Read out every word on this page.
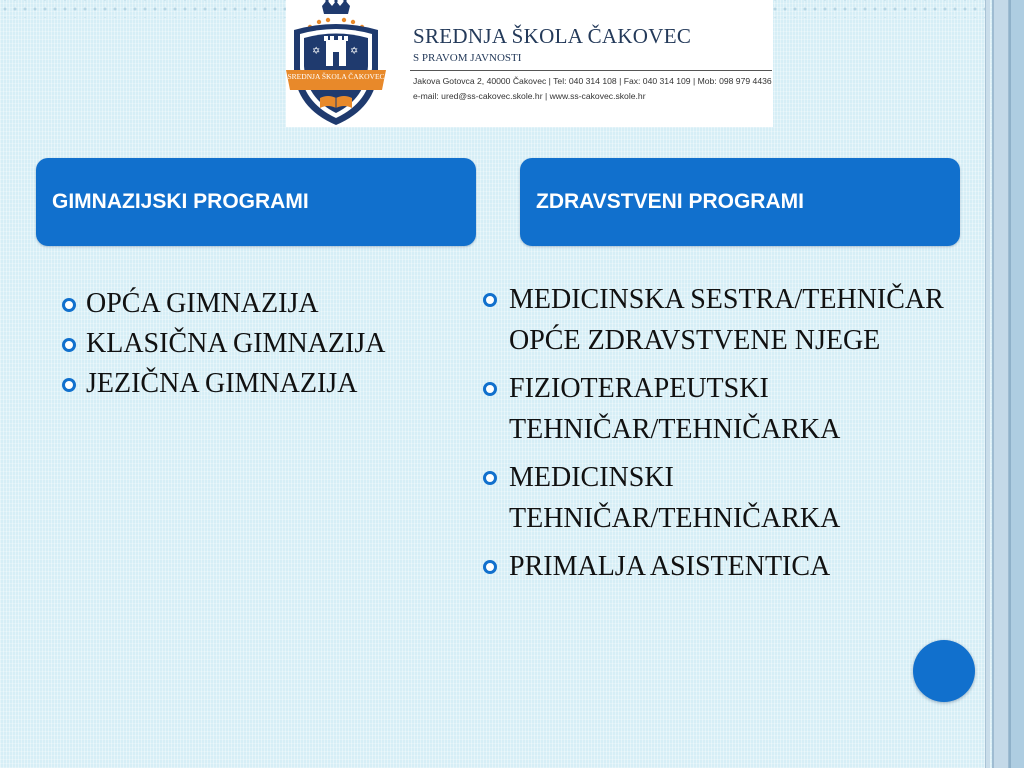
✡	✡
SREDNJA ŠKOLA ČAKOVEC
SREDNJA ŠKOLA ČAKOVEC
S PRAVOM JAVNOSTI
Jakova Gotovca 2, 40000 Čakovec | Tel: 040 314 108 | Fax: 040 314 109 | Mob: 098 979 4436
e-mail: ured@ss-cakovec.skole.hr | www.ss-cakovec.skole.hr
GIMNAZIJSKI PROGRAMI	ZDRAVSTVENI PROGRAMI
OPĆA GIMNAZIJA
KLASIČNA GIMNAZIJA
JEZIČNA GIMNAZIJA
MEDICINSKA SESTRA/TEHNIČAR OPĆE ZDRAVSTVENE NJEGE
FIZIOTERAPEUTSKI TEHNIČAR/TEHNIČARKA
MEDICINSKI TEHNIČAR/TEHNIČARKA
PRIMALJA ASISTENTICA
